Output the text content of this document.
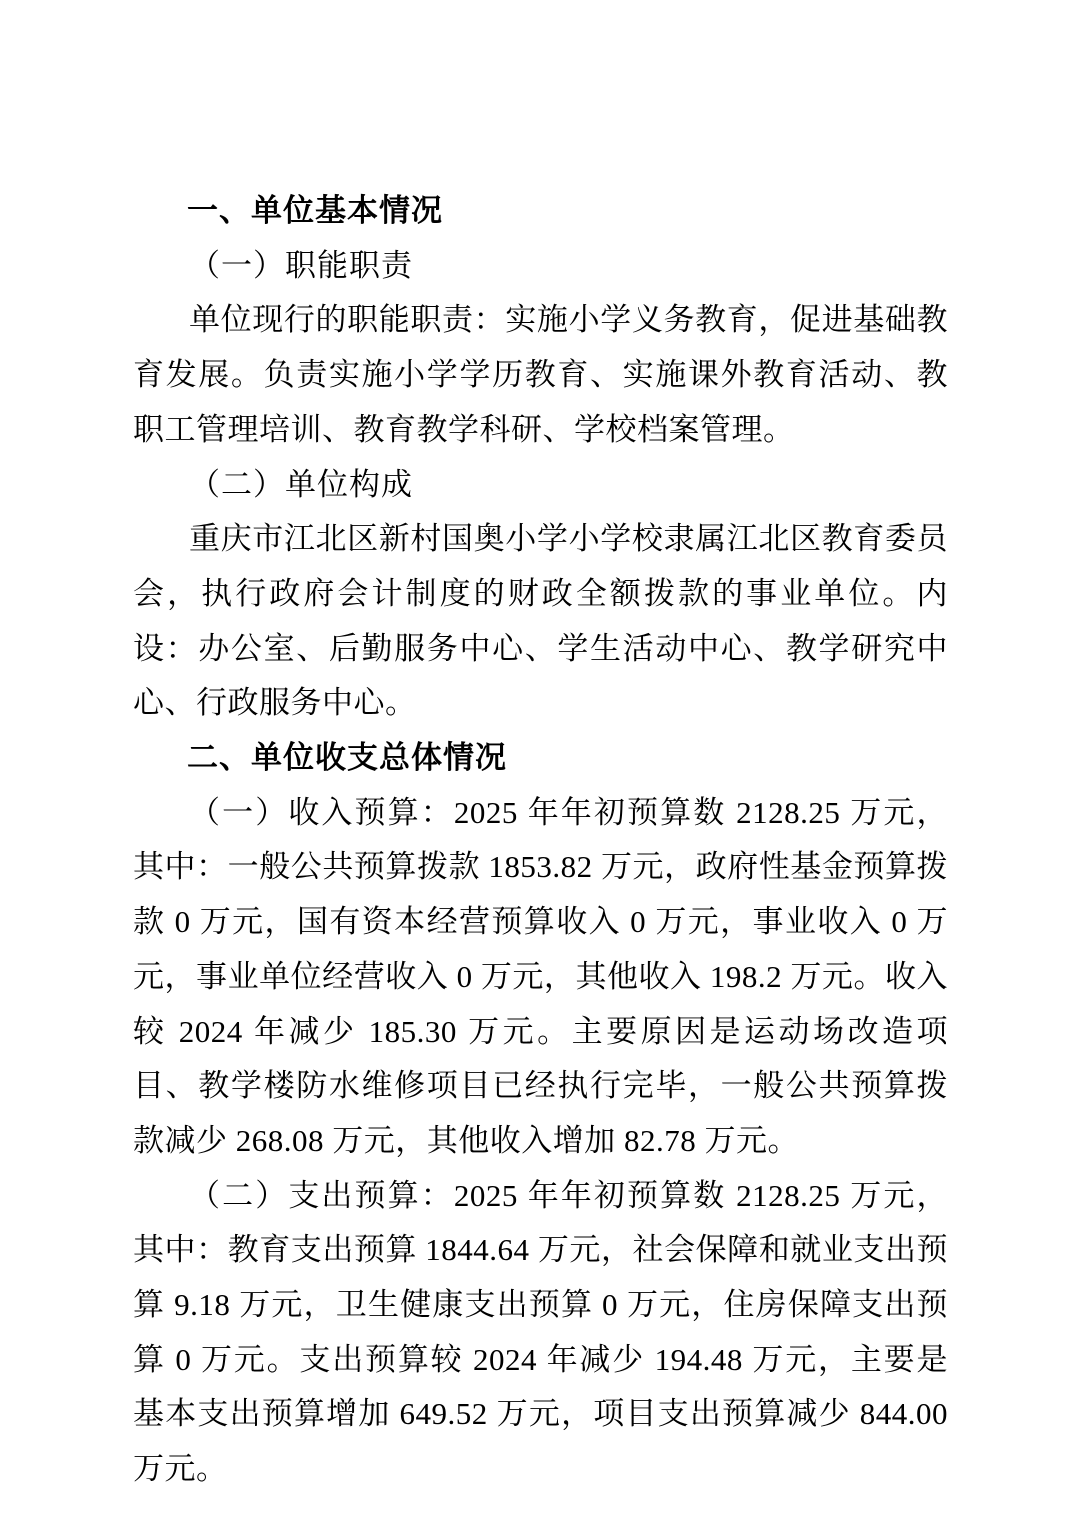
一、单位基本情况
（一）职能职责

单位现行的职能职责：实施小学义务教育，促进基础教育发展。负责实施小学学历教育、实施课外教育活动、教职工管理培训、教育教学科研、学校档案管理。

（二）单位构成

重庆市江北区新村国奥小学小学校隶属江北区教育委员会，执行政府会计制度的财政全额拨款的事业单位。内设：办公室、后勤服务中心、学生活动中心、教学研究中心、行政服务中心。

二、单位收支总体情况

（一）收入预算：2025 年年初预算数 2128.25 万元，其中：一般公共预算拨款 1853.82 万元，政府性基金预算拨款 0 万元，国有资本经营预算收入 0 万元，事业收入 0 万元，事业单位经营收入 0 万元，其他收入 198.2 万元。收入较 2024 年减少 185.30 万元。主要原因是运动场改造项目、教学楼防水维修项目已经执行完毕，一般公共预算拨款减少 268.08 万元，其他收入增加 82.78 万元。

（二）支出预算：2025 年年初预算数 2128.25 万元，其中：教育支出预算 1844.64 万元，社会保障和就业支出预算 9.18 万元，卫生健康支出预算 0 万元，住房保障支出预算 0 万元。支出预算较 2024 年减少 194.48 万元，主要是基本支出预算增加 649.52 万元，项目支出预算减少 844.00 万元。
